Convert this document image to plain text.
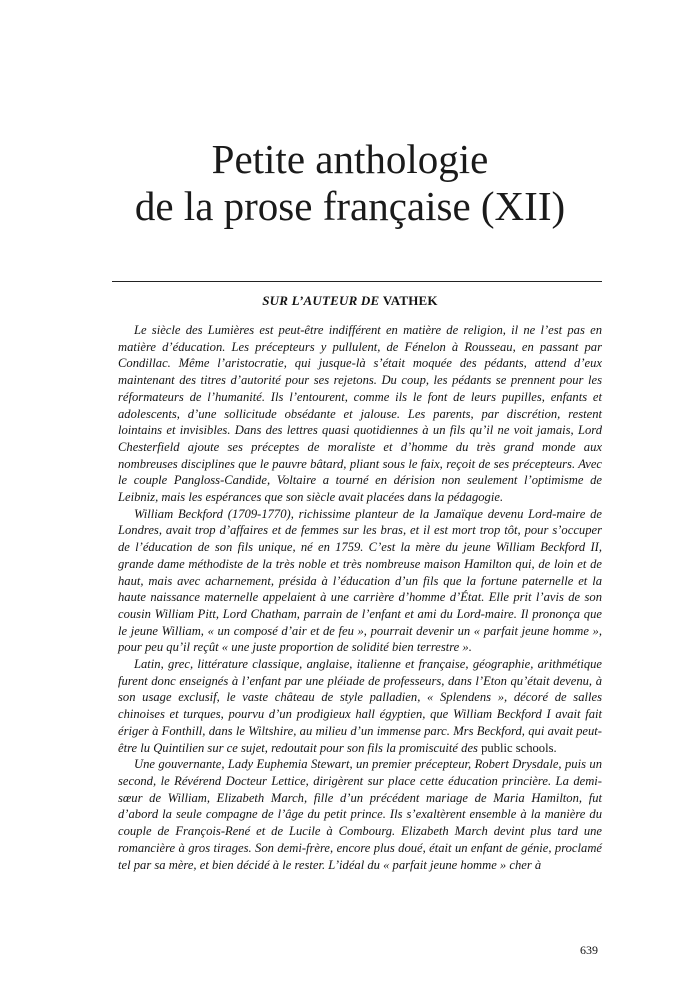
Petite anthologie
de la prose française (XII)
SUR L’AUTEUR DE VATHEK

Le siècle des Lumières est peut-être indifférent en matière de religion, il ne l’est pas en matière d’éducation. Les précepteurs y pullulent, de Fénelon à Rousseau, en passant par Condillac. Même l’aristocratie, qui jusque-là s’était moquée des pédants, attend d’eux maintenant des titres d’autorité pour ses rejetons. Du coup, les pédants se prennent pour les réformateurs de l’humanité. Ils l’entourent, comme ils le font de leurs pupilles, enfants et adolescents, d’une sollicitude obsédante et jalouse. Les parents, par discrétion, restent lointains et invisibles. Dans des lettres quasi quotidiennes à un fils qu’il ne voit jamais, Lord Chesterfield ajoute ses préceptes de moraliste et d’homme du très grand monde aux nombreuses disciplines que le pauvre bâtard, pliant sous le faix, reçoit de ses précepteurs. Avec le couple Pangloss-Candide, Voltaire a tourné en dérision non seulement l’optimisme de Leibniz, mais les espérances que son siècle avait placées dans la pédagogie.

William Beckford (1709-1770), richissime planteur de la Jamaïque devenu Lord-maire de Londres, avait trop d’affaires et de femmes sur les bras, et il est mort trop tôt, pour s’occuper de l’éducation de son fils unique, né en 1759. C’est la mère du jeune William Beckford II, grande dame méthodiste de la très noble et très nombreuse maison Hamilton qui, de loin et de haut, mais avec acharnement, présida à l’éducation d’un fils que la fortune paternelle et la haute naissance maternelle appelaient à une carrière d’homme d’État. Elle prit l’avis de son cousin William Pitt, Lord Chatham, parrain de l’enfant et ami du Lord-maire. Il prononça que le jeune William, « un composé d’air et de feu », pourrait devenir un « parfait jeune homme », pour peu qu’il reçût « une juste proportion de solidité bien terrestre ».

Latin, grec, littérature classique, anglaise, italienne et française, géographie, arithmétique furent donc enseignés à l’enfant par une pléiade de professeurs, dans l’Eton qu’était devenu, à son usage exclusif, le vaste château de style palladien, « Splendens », décoré de salles chinoises et turques, pourvu d’un prodigieux hall égyptien, que William Beckford I avait fait ériger à Fonthill, dans le Wiltshire, au milieu d’un immense parc. Mrs Beckford, qui avait peut-être lu Quintilien sur ce sujet, redoutait pour son fils la promiscuité des public schools.

Une gouvernante, Lady Euphemia Stewart, un premier précepteur, Robert Drysdale, puis un second, le Révérend Docteur Lettice, dirigèrent sur place cette éducation princière. La demi-sœur de William, Elizabeth March, fille d’un précédent mariage de Maria Hamilton, fut d’abord la seule compagne de l’âge du petit prince. Ils s’exaltèrent ensemble à la manière du couple de François-René et de Lucile à Combourg. Elizabeth March devint plus tard une romancière à gros tirages. Son demi-frère, encore plus doué, était un enfant de génie, proclamé tel par sa mère, et bien décidé à le rester. L’idéal du « parfait jeune homme » cher à

639
